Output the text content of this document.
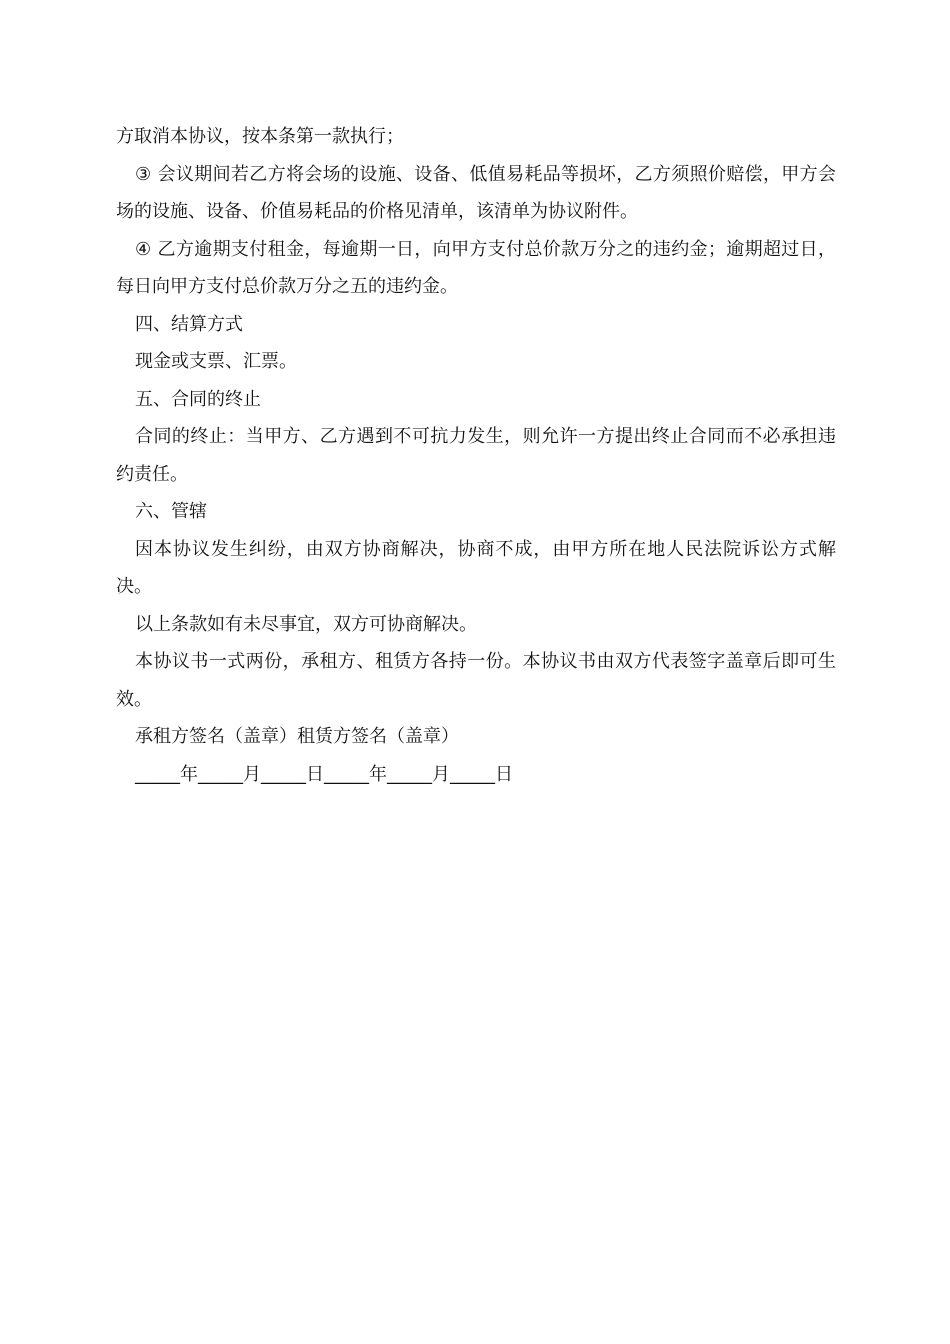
方取消本协议，按本条第一款执行；

③ 会议期间若乙方将会场的设施、设备、低值易耗品等损坏，乙方须照价赔偿，甲方会场的设施、设备、价值易耗品的价格见清单，该清单为协议附件。

④ 乙方逾期支付租金，每逾期一日，向甲方支付总价款万分之的违约金；逾期超过日，每日向甲方支付总价款万分之五的违约金。

四、结算方式

现金或支票、汇票。

五、合同的终止

合同的终止：当甲方、乙方遇到不可抗力发生，则允许一方提出终止合同而不必承担违约责任。

六、管辖

因本协议发生纠纷，由双方协商解决，协商不成，由甲方所在地人民法院诉讼方式解决。

以上条款如有未尽事宜，双方可协商解决。

本协议书一式两份，承租方、租赁方各持一份。本协议书由双方代表签字盖章后即可生效。

承租方签名（盖章）租赁方签名（盖章）

_____年_____月_____日_____年_____月_____日
